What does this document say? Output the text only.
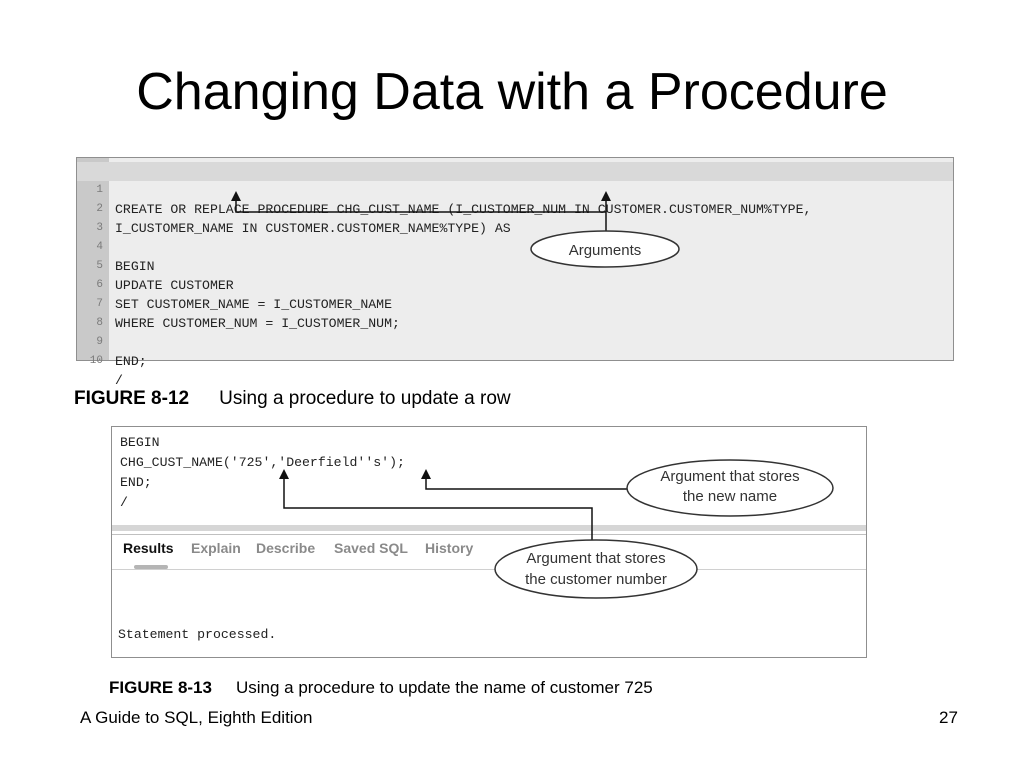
Changing Data with a Procedure

1

CREATE OR REPLACE PROCEDURE CHG_CUST_NAME (I_CUSTOMER_NUM IN CUSTOMER.CUSTOMER_NUM%TYPE,

2

I_CUSTOMER_NAME IN CUSTOMER.CUSTOMER_NAME%TYPE) AS

3

4

BEGIN

5

UPDATE CUSTOMER

6

SET CUSTOMER_NAME = I_CUSTOMER_NAME

7

WHERE CUSTOMER_NUM = I_CUSTOMER_NUM;

8

9

END;

10

/

FIGURE 8-12 Using a procedure to update a row
BEGIN
CHG_CUST_NAME('725','Deerfield''s');
END;
/
Results Explain Describe Saved SQL History
Statement processed.
FIGURE 8-13 Using a procedure to update the name of customer 725
Arguments
Argument that stores
the new name
Argument that stores
the customer number
A Guide to SQL, Eighth Edition	27
